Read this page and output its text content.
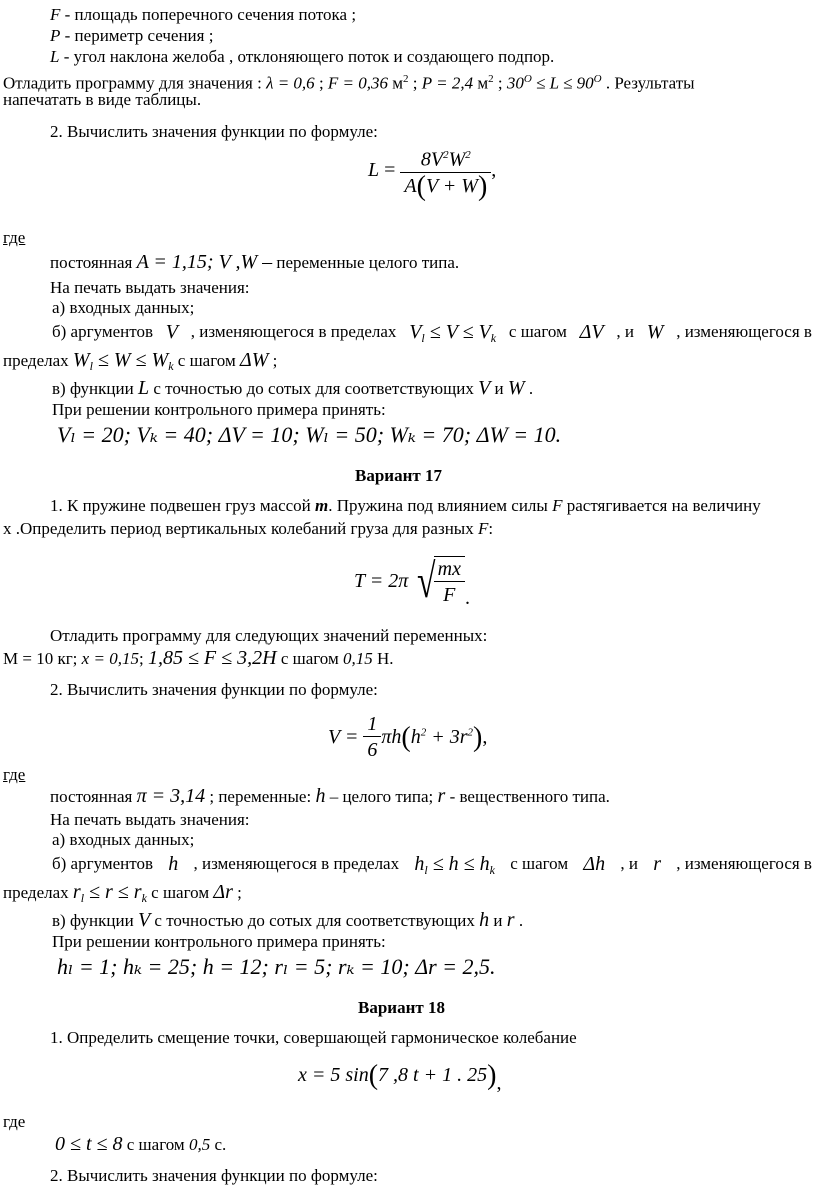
F - площадь поперечного сечения потока ;
P - периметр сечения ;
L - угол наклона желоба , отклоняющего поток и создающего подпор.
Отладить программу для значения : λ = 0,6 ; F = 0,36 $м^2$ ; P = 2,4 $м^2$ ; $30^O \le L \le 90^O$ . Результаты
напечатать в виде таблицы.
2. Вычислить значения функции по формуле:
$L = \frac{8V^2W^2}{A(V + W)}$ ,
где
постоянная A = 1,15; V ,W – переменные целого типа.
На печать выдать значения:
а) входных данных;
б) аргументов V , изменяющегося в пределах $V_l \le V \le V_k$ с шагом ΔV , и W , изменяющегося в
пределах $W_l \le W \le W_k$ с шагом ΔW ;
в) функции L с точностью до сотых для соответствующих V и W .
При решении контрольного примера принять:
Vₗ = 20; Vₖ = 40; ΔV = 10; Wₗ = 50; Wₖ = 70; ΔW = 10.
Вариант 17
1. К пружине подвешен груз массой m. Пружина под влиянием силы F растягивается на величину
x .Определить период вертикальных колебаний груза для разных F:
T = 2π √
$\frac{mx}{F}$ .
Отладить программу для следующих значений переменных:
М = 10 кг; x = 0,15; 1,85 ≤ F ≤ 3,2H с шагом 0,15 Н.
2. Вычислить значения функции по формуле:
$V = \frac{1}{6} \pi h(h^2 + 3r^2)$,
где
постоянная π = 3,14 ; переменные: h – целого типа; r - вещественного типа.
На печать выдать значения:
а) входных данных;
б) аргументов h , изменяющегося в пределах $h_l \le h \le h_k$ с шагом Δh , и r , изменяющегося в
пределах $r_l \le r \le r_k$ с шагом Δr ;
в) функции V с точностью до сотых для соответствующих h и r .
При решении контрольного примера принять:
hₗ = 1; hₖ = 25; h = 12; rₗ = 5; rₖ = 10; Δr = 2,5.
Вариант 18
1. Определить смещение точки, совершающей гармоническое колебание
x = 5 sin(7 ,8 t + 1 . 25),
где
0 ≤ t ≤ 8 с шагом 0,5 с.
2. Вычислить значения функции по формуле:
